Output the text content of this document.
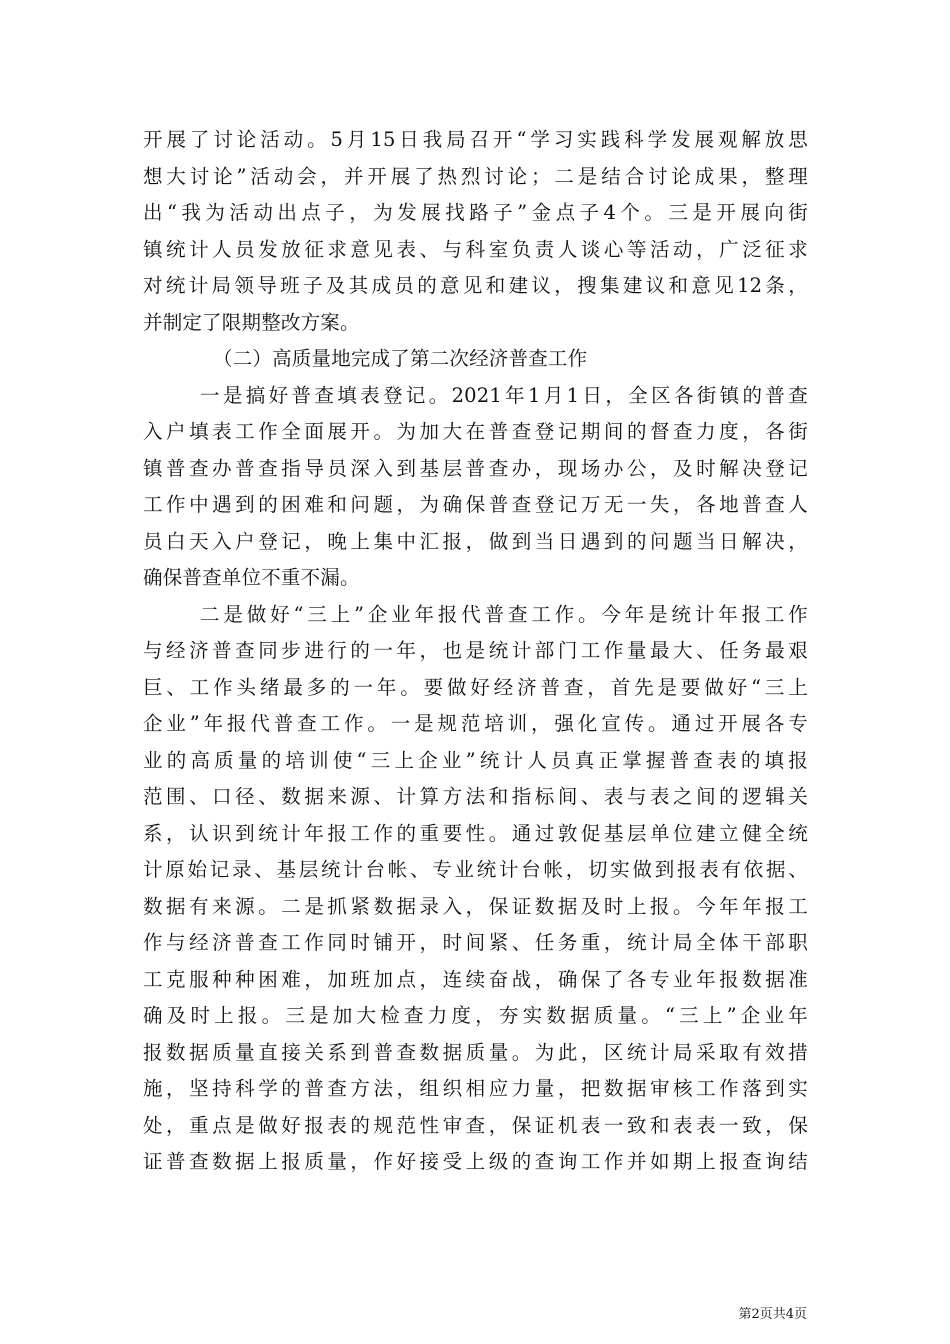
开展了讨论活动。5月15日我局召开“学习实践科学发展观解放思
想大讨论”活动会，并开展了热烈讨论；二是结合讨论成果，整理
出“我为活动出点子，为发展找路子”金点子4个。三是开展向街
镇统计人员发放征求意见表、与科室负责人谈心等活动，广泛征求
对统计局领导班子及其成员的意见和建议，搜集建议和意见12条，
并制定了限期整改方案。
（二）高质量地完成了第二次经济普查工作
一是搞好普查填表登记。2021年1月1日，全区各街镇的普查
入户填表工作全面展开。为加大在普查登记期间的督查力度，各街
镇普查办普查指导员深入到基层普查办，现场办公，及时解决登记
工作中遇到的困难和问题，为确保普查登记万无一失，各地普查人
员白天入户登记，晚上集中汇报，做到当日遇到的问题当日解决，
确保普查单位不重不漏。
二是做好“三上”企业年报代普查工作。今年是统计年报工作
与经济普查同步进行的一年，也是统计部门工作量最大、任务最艰
巨、工作头绪最多的一年。要做好经济普查，首先是要做好“三上
企业”年报代普查工作。一是规范培训，强化宣传。通过开展各专
业的高质量的培训使“三上企业”统计人员真正掌握普查表的填报
范围、口径、数据来源、计算方法和指标间、表与表之间的逻辑关
系，认识到统计年报工作的重要性。通过敦促基层单位建立健全统
计原始记录、基层统计台帐、专业统计台帐，切实做到报表有依据、
数据有来源。二是抓紧数据录入，保证数据及时上报。今年年报工
作与经济普查工作同时铺开，时间紧、任务重，统计局全体干部职
工克服种种困难，加班加点，连续奋战，确保了各专业年报数据准
确及时上报。三是加大检查力度，夯实数据质量。“三上”企业年
报数据质量直接关系到普查数据质量。为此，区统计局采取有效措
施，坚持科学的普查方法，组织相应力量，把数据审核工作落到实
处，重点是做好报表的规范性审查，保证机表一致和表表一致，保
证普查数据上报质量，作好接受上级的查询工作并如期上报查询结
第2页共4页
